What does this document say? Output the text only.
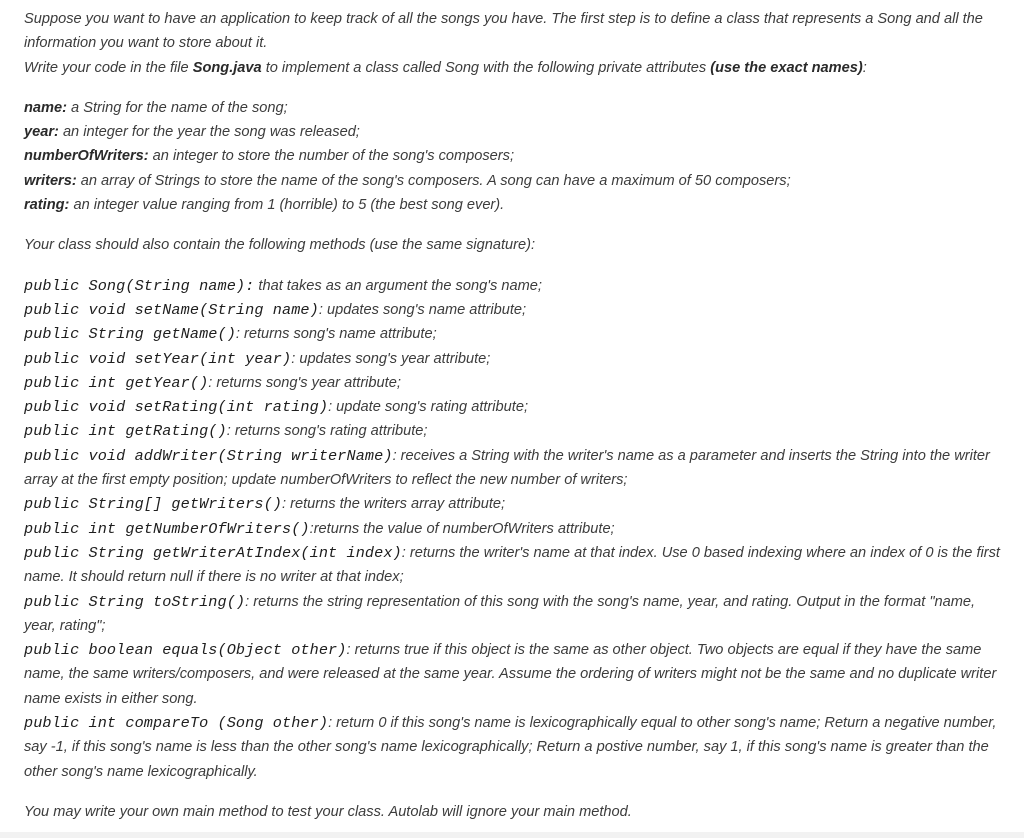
Suppose you want to have an application to keep track of all the songs you have. The first step is to define a class that represents a Song and all the information you want to store about it.
Write your code in the file Song.java to implement a class called Song with the following private attributes (use the exact names):

name: a String for the name of the song;

year: an integer for the year the song was released;

numberOfWriters: an integer to store the number of the song's composers;

writers: an array of Strings to store the name of the song's composers. A song can have a maximum of 50 composers;

rating: an integer value ranging from 1 (horrible) to 5 (the best song ever).

Your class should also contain the following methods (use the same signature):

public Song(String name): that takes as an argument the song's name;

public void setName(String name): updates song's name attribute;

public String getName(): returns song's name attribute;

public void setYear(int year): updates song's year attribute;

public int getYear(): returns song's year attribute;

public void setRating(int rating): update song's rating attribute;

public int getRating(): returns song's rating attribute;

public void addWriter(String writerName): receives a String with the writer's name as a parameter and inserts the String into the writer array at the first empty position; update numberOfWriters to reflect the new number of writers;

public String[] getWriters(): returns the writers array attribute;

public int getNumberOfWriters():returns the value of numberOfWriters attribute;

public String getWriterAtIndex(int index): returns the writer's name at that index. Use 0 based indexing where an index of 0 is the first name. It should return null if there is no writer at that index;

public String toString(): returns the string representation of this song with the song's name, year, and rating. Output in the format "name, year, rating";

public boolean equals(Object other): returns true if this object is the same as other object. Two objects are equal if they have the same name, the same writers/composers, and were released at the same year. Assume the ordering of writers might not be the same and no duplicate writer name exists in either song.

public int compareTo (Song other): return 0 if this song's name is lexicographically equal to other song's name; Return a negative number, say -1, if this song's name is less than the other song's name lexicographically; Return a postive number, say 1, if this song's name is greater than the other song's name lexicographically.

You may write your own main method to test your class. Autolab will ignore your main method.
